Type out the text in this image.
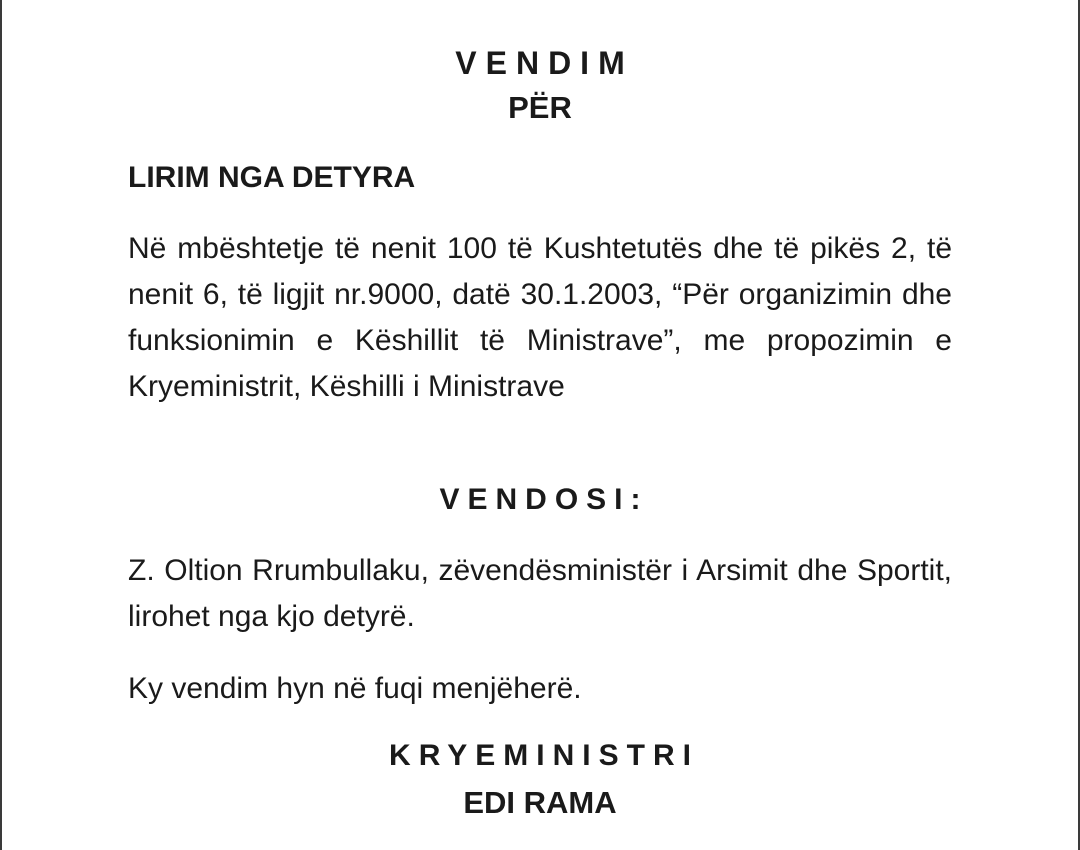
VENDIM
PËR
LIRIM NGA DETYRA
Në mbështetje të nenit 100 të Kushtetutës dhe të pikës 2, të nenit 6, të ligjit nr.9000, datë 30.1.2003, “Për organizimin dhe funksionimin e Këshillit të Ministrave”, me propozimin e Kryeministrit, Këshilli i Ministrave
VENDOSI:
Z. Oltion Rrumbullaku, zëvendësministër i Arsimit dhe Sportit, lirohet nga kjo detyrë.
Ky vendim hyn në fuqi menjëherë.
KRYEMINISTRI
EDI RAMA
